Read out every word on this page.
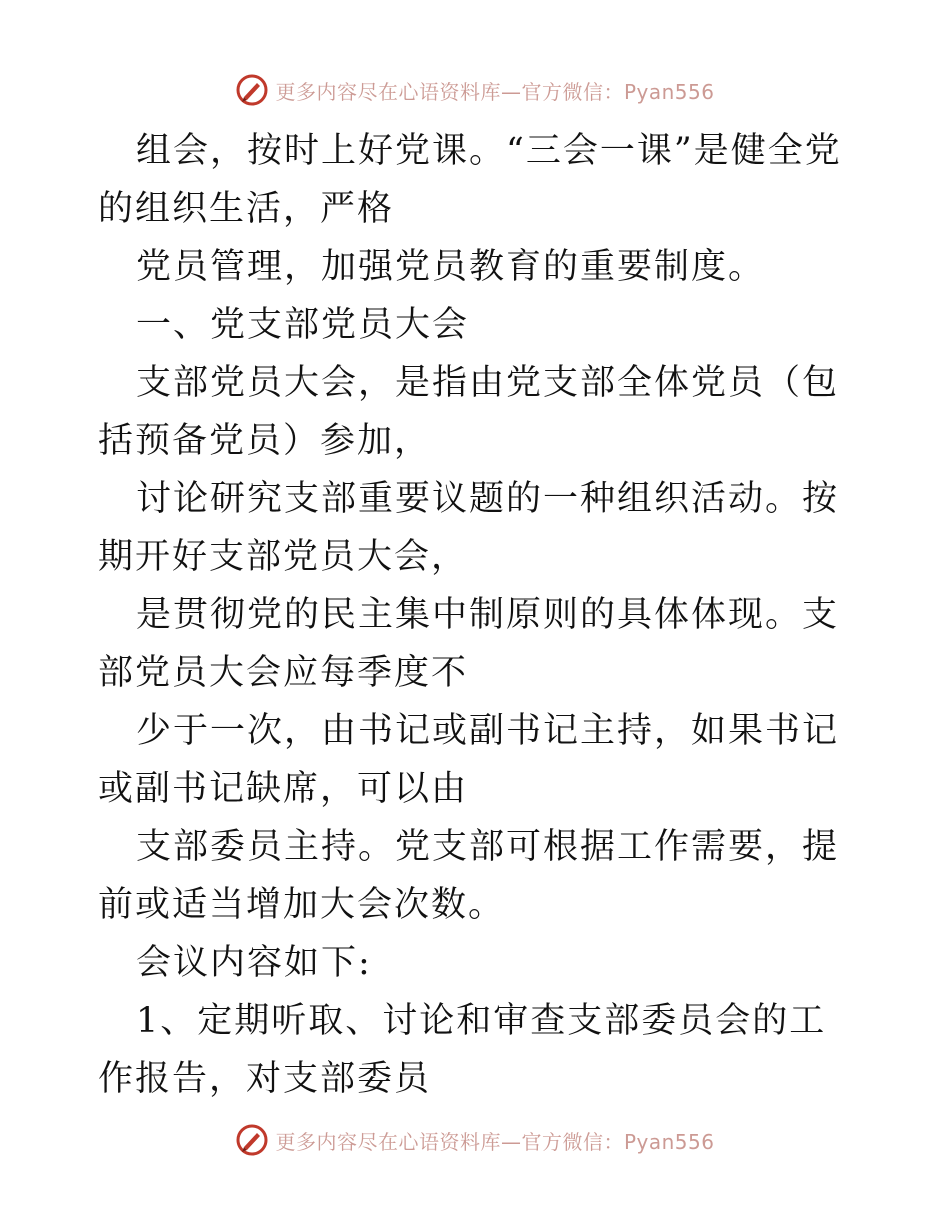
更多内容尽在心语资料库—官方微信：Pyan556

组会，按时上好党课。“三会一课”是健全党的组织生活，严格

党员管理，加强党员教育的重要制度。

一、党支部党员大会

支部党员大会，是指由党支部全体党员（包括预备党员）参加，

讨论研究支部重要议题的一种组织活动。按期开好支部党员大会，

是贯彻党的民主集中制原则的具体体现。支部党员大会应每季度不

少于一次，由书记或副书记主持，如果书记或副书记缺席，可以由

支部委员主持。党支部可根据工作需要，提前或适当增加大会次数。

会议内容如下:

1、定期听取、讨论和审查支部委员会的工作报告，对支部委员

更多内容尽在心语资料库—官方微信：Pyan556
